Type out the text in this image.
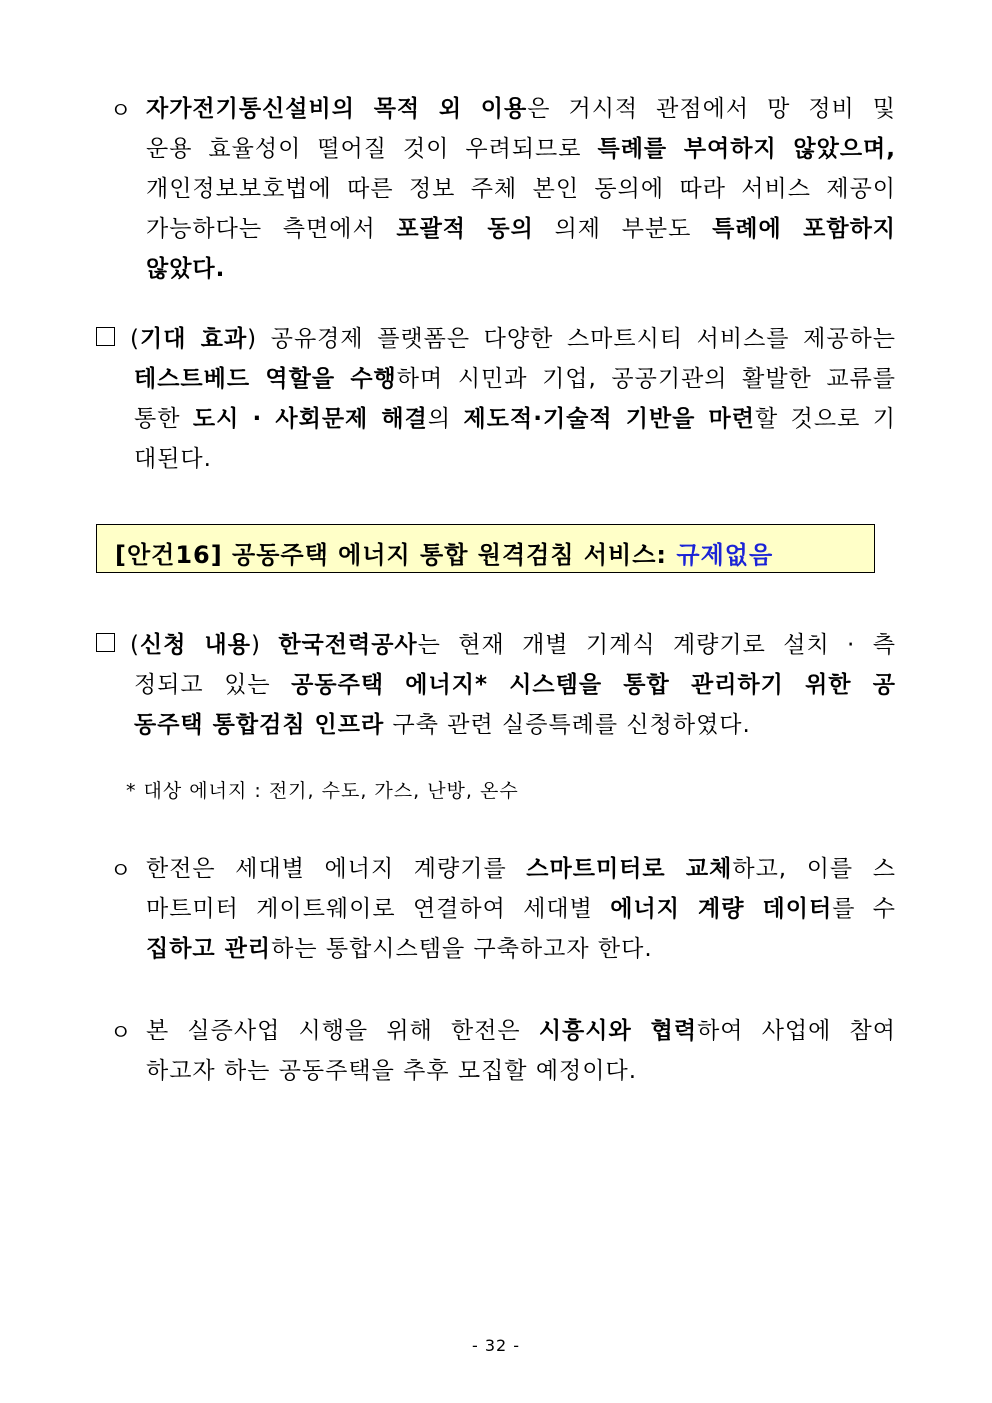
ㅇ 자가전기통신설비의 목적 외 이용은 거시적 관점에서 망 정비 및
운용 효율성이 떨어질 것이 우려되므로 특례를 부여하지 않았으며,
개인정보보호법에 따른 정보 주체 본인 동의에 따라 서비스 제공이
가능하다는 측면에서 포괄적 동의 의제 부분도 특례에 포함하지
않았다.
(기대 효과) 공유경제 플랫폼은 다양한 스마트시티 서비스를 제공하는
테스트베드 역할을 수행하며 시민과 기업, 공공기관의 활발한 교류를
통한 도시 · 사회문제 해결의 제도적·기술적 기반을 마련할 것으로 기
대된다.
[안건16] 공동주택 에너지 통합 원격검침 서비스: 규제없음
(신청 내용) 한국전력공사는 현재 개별 기계식 계량기로 설치 · 측
정되고 있는 공동주택 에너지* 시스템을 통합 관리하기 위한 공
동주택 통합검침 인프라 구축 관련 실증특례를 신청하였다.
* 대상 에너지 : 전기, 수도, 가스, 난방, 온수
ㅇ 한전은 세대별 에너지 계량기를 스마트미터로 교체하고, 이를 스
마트미터 게이트웨이로 연결하여 세대별 에너지 계량 데이터를 수
집하고 관리하는 통합시스템을 구축하고자 한다.
ㅇ 본 실증사업 시행을 위해 한전은 시흥시와 협력하여 사업에 참여
하고자 하는 공동주택을 추후 모집할 예정이다.
- 32 -
